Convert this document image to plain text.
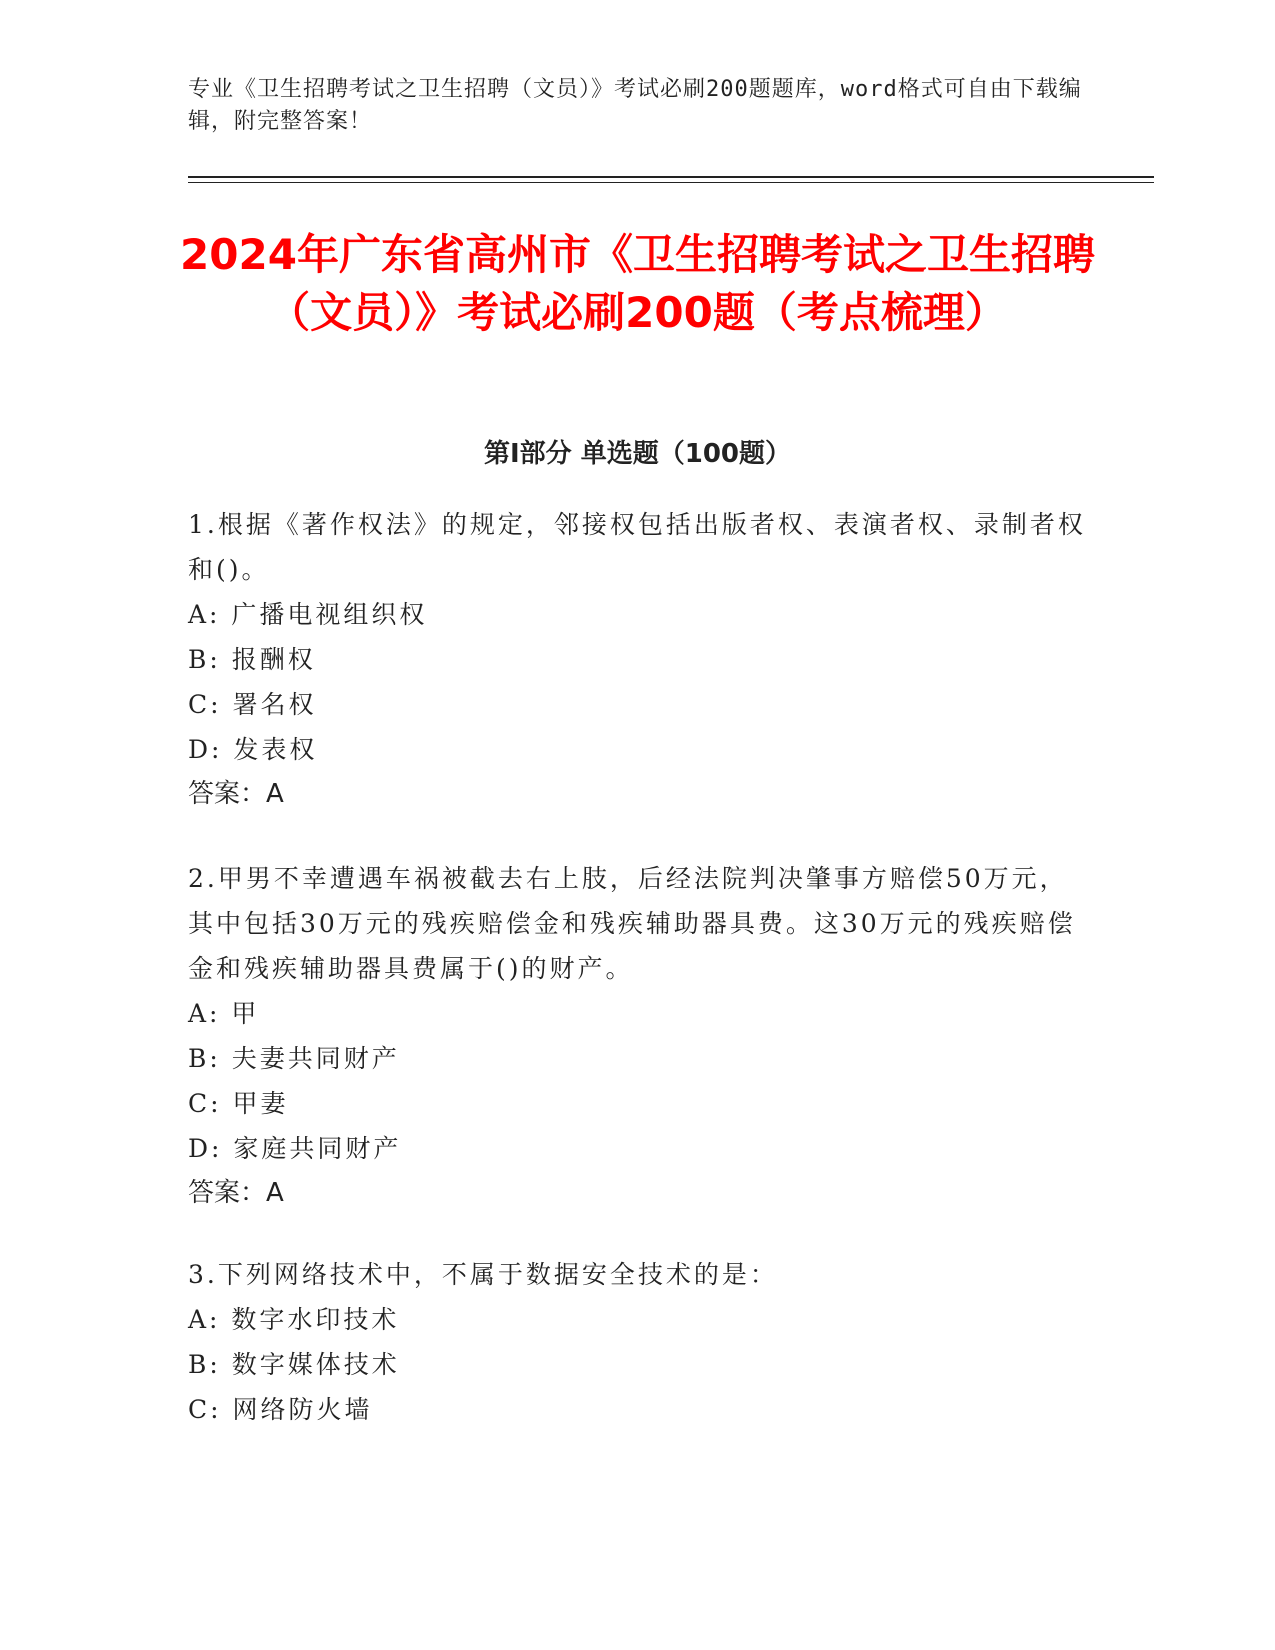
专业《卫生招聘考试之卫生招聘（文员）》考试必刷200题题库，word格式可自由下载编辑，附完整答案！
2024年广东省高州市《卫生招聘考试之卫生招聘（文员）》考试必刷200题（考点梳理）
第I部分 单选题（100题）
1.根据《著作权法》的规定，邻接权包括出版者权、表演者权、录制者权和()。
A: 广播电视组织权
B: 报酬权
C: 署名权
D: 发表权
答案：A
2.甲男不幸遭遇车祸被截去右上肢，后经法院判决肇事方赔偿50万元，其中包括30万元的残疾赔偿金和残疾辅助器具费。这30万元的残疾赔偿金和残疾辅助器具费属于()的财产。
A: 甲
B: 夫妻共同财产
C: 甲妻
D: 家庭共同财产
答案：A
3.下列网络技术中，不属于数据安全技术的是：
A: 数字水印技术
B: 数字媒体技术
C: 网络防火墙
